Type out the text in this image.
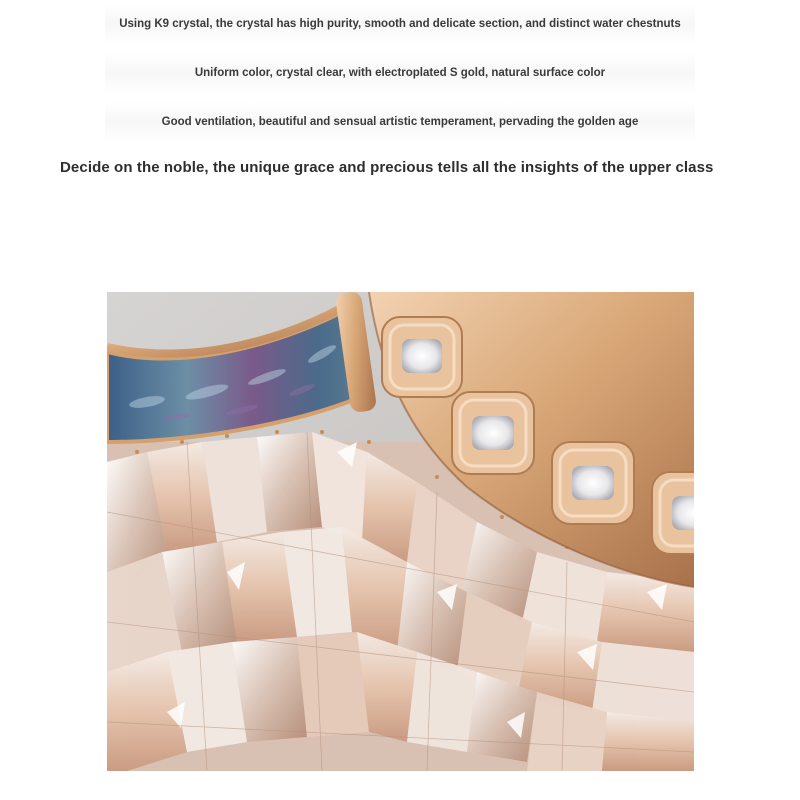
Using K9 crystal, the crystal has high purity, smooth and delicate section, and distinct water chestnuts
Uniform color, crystal clear, with electroplated S gold, natural surface color
Good ventilation, beautiful and sensual artistic temperament, pervading the golden age
Decide on the noble, the unique grace and precious tells all the insights of the upper class
